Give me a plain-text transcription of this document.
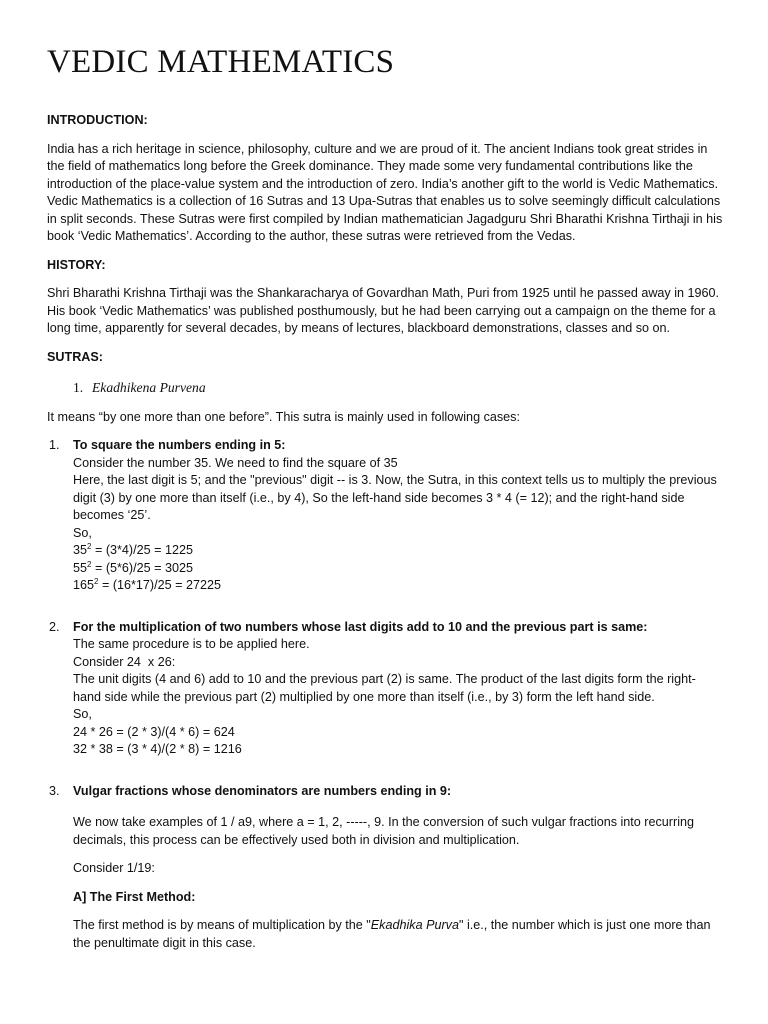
VEDIC MATHEMATICS

INTRODUCTION:

India has a rich heritage in science, philosophy, culture and we are proud of it. The ancient Indians took great strides in the field of mathematics long before the Greek dominance. They made some very fundamental contributions like the introduction of the place-value system and the introduction of zero. India’s another gift to the world is Vedic Mathematics. Vedic Mathematics is a collection of 16 Sutras and 13 Upa-Sutras that enables us to solve seemingly difficult calculations in split seconds. These Sutras were first compiled by Indian mathematician Jagadguru Shri Bharathi Krishna Tirthaji in his book ‘Vedic Mathematics’. According to the author, these sutras were retrieved from the Vedas.

HISTORY:

Shri Bharathi Krishna Tirthaji was the Shankaracharya of Govardhan Math, Puri from 1925 until he passed away in 1960. His book ‘Vedic Mathematics’ was published posthumously, but he had been carrying out a campaign on the theme for a long time, apparently for several decades, by means of lectures, blackboard demonstrations, classes and so on.

SUTRAS:

1. Ekadhikena Purvena

It means “by one more than one before”. This sutra is mainly used in following cases:

1.	To square the numbers ending in 5:
Consider the number 35. We need to find the square of 35
Here, the last digit is 5; and the "previous" digit -- is 3. Now, the Sutra, in this context tells us to multiply the previous digit (3) by one more than itself (i.e., by 4), So the left-hand side becomes 3 * 4 (= 12); and the right-hand side becomes ‘25’.
So,
$35^2 = (3*4)/25 = 1225$
$55^2 = (5*6)/25 = 3025$
$165^2 = (16*17)/25 = 27225$
2.	For the multiplication of two numbers whose last digits add to 10 and the previous part is same:
The same procedure is to be applied here.
Consider 24  x 26:
The unit digits (4 and 6) add to 10 and the previous part (2) is same. The product of the last digits form the right-hand side while the previous part (2) multiplied by one more than itself (i.e., by 3) form the left hand side.
So,
24 * 26 = (2 * 3)/(4 * 6) = 624
32 * 38 = (3 * 4)/(2 * 8) = 1216
3.	Vulgar fractions whose denominators are numbers ending in 9:
We now take examples of 1 / a9, where a = 1, 2, -----, 9. In the conversion of such vulgar fractions into recurring decimals, this process can be effectively used both in division and multiplication.
Consider 1/19:
A] The First Method:
The first method is by means of multiplication by the "Ekadhika Purva" i.e., the number which is just one more than the penultimate digit in this case.
